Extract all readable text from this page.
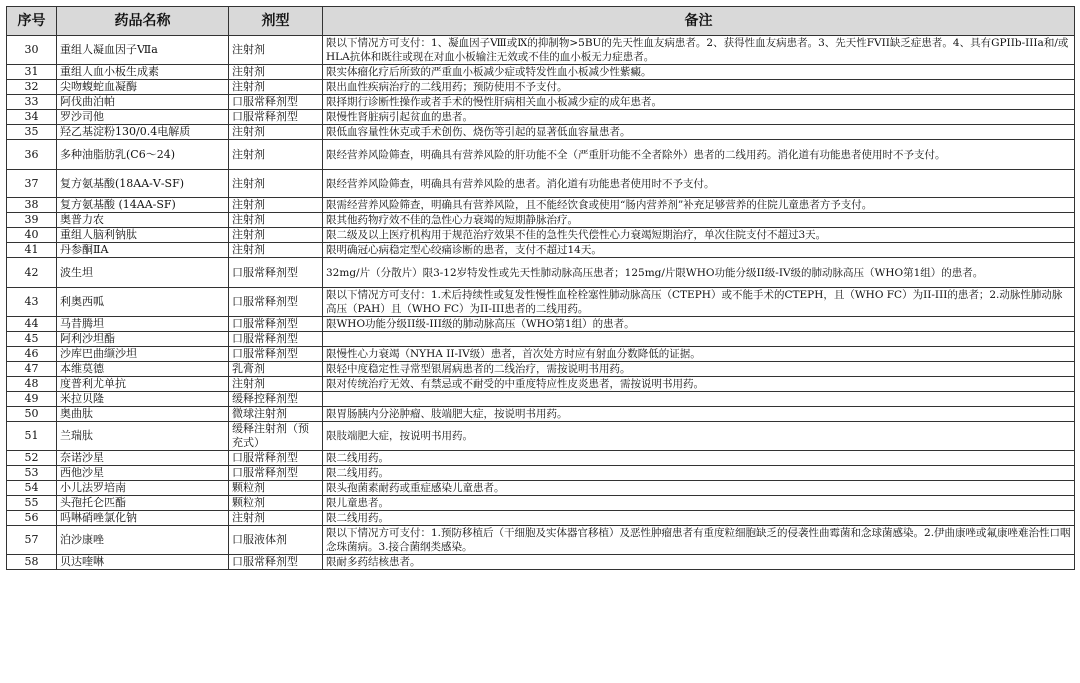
序号	药品名称	剂型	备注
30	重组人凝血因子Ⅶa	注射剂	限以下情况方可支付：1、凝血因子Ⅷ或Ⅸ的抑制物>5BU的先天性血友病患者。2、获得性血友病患者。3、先天性FVII缺乏症患者。4、具有GPIIb-IIIa和/或HLA抗体和既往或现在对血小板输注无效或不佳的血小板无力症患者。
31	重组人血小板生成素	注射剂	限实体瘤化疗后所致的严重血小板减少症或特发性血小板减少性紫癜。
32	尖吻蝮蛇血凝酶	注射剂	限出血性疾病治疗的二线用药；预防使用不予支付。
33	阿伐曲泊帕	口服常释剂型	限择期行诊断性操作或者手术的慢性肝病相关血小板减少症的成年患者。
34	罗沙司他	口服常释剂型	限慢性肾脏病引起贫血的患者。
35	羟乙基淀粉130/0.4电解质	注射剂	限低血容量性休克或手术创伤、烧伤等引起的显著低血容量患者。
36	多种油脂肪乳(C6～24)	注射剂	限经营养风险筛查，明确具有营养风险的肝功能不全（严重肝功能不全者除外）患者的二线用药。消化道有功能患者使用时不予支付。
37	复方氨基酸(18AA-Ⅴ-SF)	注射剂	限经营养风险筛查，明确具有营养风险的患者。消化道有功能患者使用时不予支付。
38	复方氨基酸 (14AA-SF)	注射剂	限需经营养风险筛查，明确具有营养风险，且不能经饮食或使用“肠内营养剂”补充足够营养的住院儿童患者方予支付。
39	奥普力农	注射剂	限其他药物疗效不佳的急性心力衰竭的短期静脉治疗。
40	重组人脑利钠肽	注射剂	限二级及以上医疗机构用于规范治疗效果不佳的急性失代偿性心力衰竭短期治疗，单次住院支付不超过3天。
41	丹参酮ⅡA	注射剂	限明确冠心病稳定型心绞痛诊断的患者，支付不超过14天。
42	波生坦	口服常释剂型	32mg/片（分散片）限3-12岁特发性或先天性肺动脉高压患者；125mg/片限WHO功能分级II级-IV级的肺动脉高压（WHO第1组）的患者。
43	利奥西呱	口服常释剂型	限以下情况方可支付：1.术后持续性或复发性慢性血栓栓塞性肺动脉高压（CTEPH）或不能手术的CTEPH，且（WHO FC）为II-III的患者；2.动脉性肺动脉高压（PAH）且（WHO FC）为II-III患者的二线用药。
44	马昔腾坦	口服常释剂型	限WHO功能分级II级-III级的肺动脉高压（WHO第1组）的患者。
45	阿利沙坦酯	口服常释剂型	
46	沙库巴曲缬沙坦	口服常释剂型	限慢性心力衰竭（NYHA II-IV级）患者，首次处方时应有射血分数降低的证据。
47	本维莫德	乳膏剂	限轻中度稳定性寻常型银屑病患者的二线治疗，需按说明书用药。
48	度普利尤单抗	注射剂	限对传统治疗无效、有禁忌或不耐受的中重度特应性皮炎患者，需按说明书用药。
49	米拉贝隆	缓释控释剂型	
50	奥曲肽	微球注射剂	限胃肠胰内分泌肿瘤、肢端肥大症，按说明书用药。
51	兰瑞肽	缓释注射剂（预充式）	限肢端肥大症，按说明书用药。
52	奈诺沙星	口服常释剂型	限二线用药。
53	西他沙星	口服常释剂型	限二线用药。
54	小儿法罗培南	颗粒剂	限头孢菌素耐药或重症感染儿童患者。
55	头孢托仑匹酯	颗粒剂	限儿童患者。
56	吗啉硝唑氯化钠	注射剂	限二线用药。
57	泊沙康唑	口服液体剂	限以下情况方可支付：1.预防移植后（干细胞及实体器官移植）及恶性肿瘤患者有重度粒细胞缺乏的侵袭性曲霉菌和念球菌感染。2.伊曲康唑或氟康唑难治性口咽念珠菌病。3.接合菌纲类感染。
58	贝达喹啉	口服常释剂型	限耐多药结核患者。
